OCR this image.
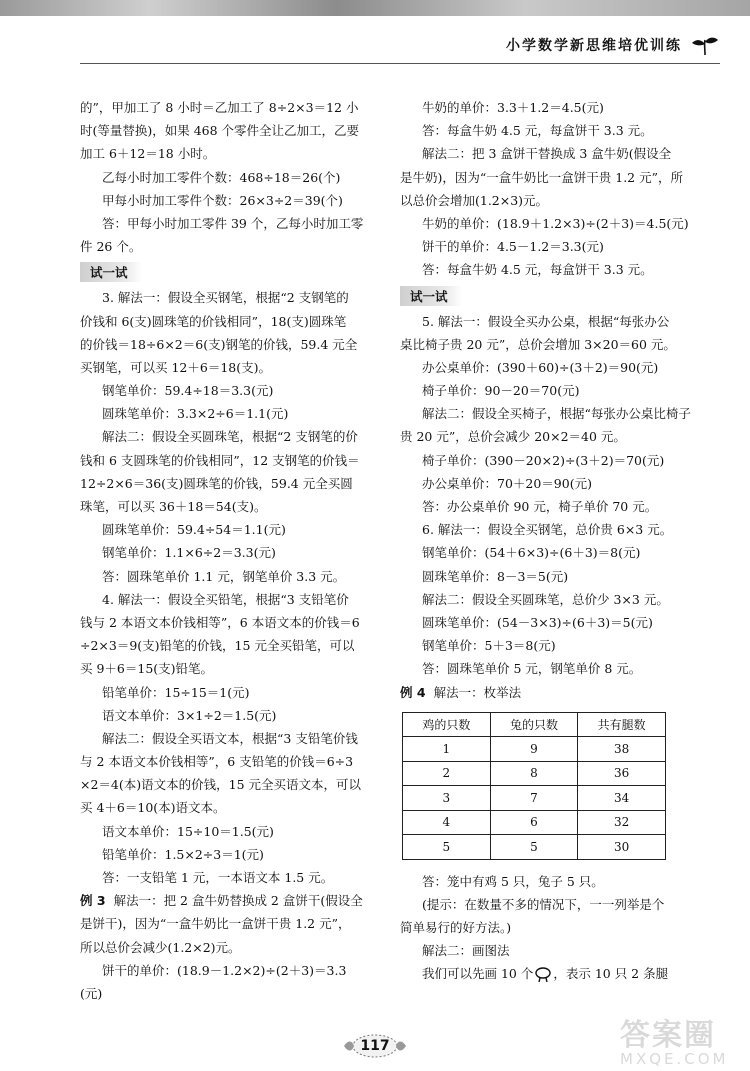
小学数学新思维培优训练
的”，甲加工了 8 小时＝乙加工了 8÷2×3＝12 小
时(等量替换)，如果 468 个零件全让乙加工，乙要
加工 6＋12＝18 小时。
乙每小时加工零件个数：468÷18＝26(个)
甲每小时加工零件个数：26×3÷2＝39(个)
答：甲每小时加工零件 39 个，乙每小时加工零
件 26 个。
试一试
3. 解法一：假设全买钢笔，根据“2 支钢笔的
价钱和 6(支)圆珠笔的价钱相同”，18(支)圆珠笔
的价钱＝18÷6×2＝6(支)钢笔的价钱，59.4 元全
买钢笔，可以买 12＋6＝18(支)。
钢笔单价：59.4÷18＝3.3(元)
圆珠笔单价：3.3×2÷6＝1.1(元)
解法二：假设全买圆珠笔，根据“2 支钢笔的价
钱和 6 支圆珠笔的价钱相同”，12 支钢笔的价钱＝
12÷2×6＝36(支)圆珠笔的价钱，59.4 元全买圆
珠笔，可以买 36＋18＝54(支)。
圆珠笔单价：59.4÷54＝1.1(元)
钢笔单价：1.1×6÷2＝3.3(元)
答：圆珠笔单价 1.1 元，钢笔单价 3.3 元。
4. 解法一：假设全买铅笔，根据“3 支铅笔价
钱与 2 本语文本价钱相等”，6 本语文本的价钱＝6
÷2×3＝9(支)铅笔的价钱，15 元全买铅笔，可以
买 9＋6＝15(支)铅笔。
铅笔单价：15÷15＝1(元)
语文本单价：3×1÷2＝1.5(元)
解法二：假设全买语文本，根据“3 支铅笔价钱
与 2 本语文本价钱相等”，6 支铅笔的价钱＝6÷3
×2＝4(本)语文本的价钱，15 元全买语文本，可以
买 4＋6＝10(本)语文本。
语文本单价：15÷10＝1.5(元)
铅笔单价：1.5×2÷3＝1(元)
答：一支铅笔 1 元，一本语文本 1.5 元。
例 3 解法一：把 2 盒牛奶替换成 2 盒饼干(假设全
是饼干)，因为“一盒牛奶比一盒饼干贵 1.2 元”，
所以总价会减少(1.2×2)元。
饼干的单价：(18.9－1.2×2)÷(2＋3)＝3.3
(元)
牛奶的单价：3.3＋1.2＝4.5(元)
答：每盒牛奶 4.5 元，每盒饼干 3.3 元。
解法二：把 3 盒饼干替换成 3 盒牛奶(假设全
是牛奶)，因为“一盒牛奶比一盒饼干贵 1.2 元”，所
以总价会增加(1.2×3)元。
牛奶的单价：(18.9＋1.2×3)÷(2＋3)＝4.5(元)
饼干的单价：4.5－1.2＝3.3(元)
答：每盒牛奶 4.5 元，每盒饼干 3.3 元。
试一试
5. 解法一：假设全买办公桌，根据“每张办公
桌比椅子贵 20 元”，总价会增加 3×20＝60 元。
办公桌单价：(390＋60)÷(3＋2)＝90(元)
椅子单价：90－20＝70(元)
解法二：假设全买椅子，根据“每张办公桌比椅子
贵 20 元”，总价会减少 20×2＝40 元。
椅子单价：(390－20×2)÷(3＋2)＝70(元)
办公桌单价：70＋20＝90(元)
答：办公桌单价 90 元，椅子单价 70 元。
6. 解法一：假设全买钢笔，总价贵 6×3 元。
钢笔单价：(54＋6×3)÷(6＋3)＝8(元)
圆珠笔单价：8－3＝5(元)
解法二：假设全买圆珠笔，总价少 3×3 元。
圆珠笔单价：(54－3×3)÷(6＋3)＝5(元)
钢笔单价：5＋3＝8(元)
答：圆珠笔单价 5 元，钢笔单价 8 元。
例 4 解法一：枚举法
鸡的只数	兔的只数	共有腿数
1	9	38
2	8	36
3	7	34
4	6	32
5	5	30
答：笼中有鸡 5 只，兔子 5 只。
(提示：在数量不多的情况下，一一列举是个
简单易行的好方法。)
解法二：画图法
我们可以先画 10 个 ，表示 10 只 2 条腿
117	答案圈
MXQE.COM
